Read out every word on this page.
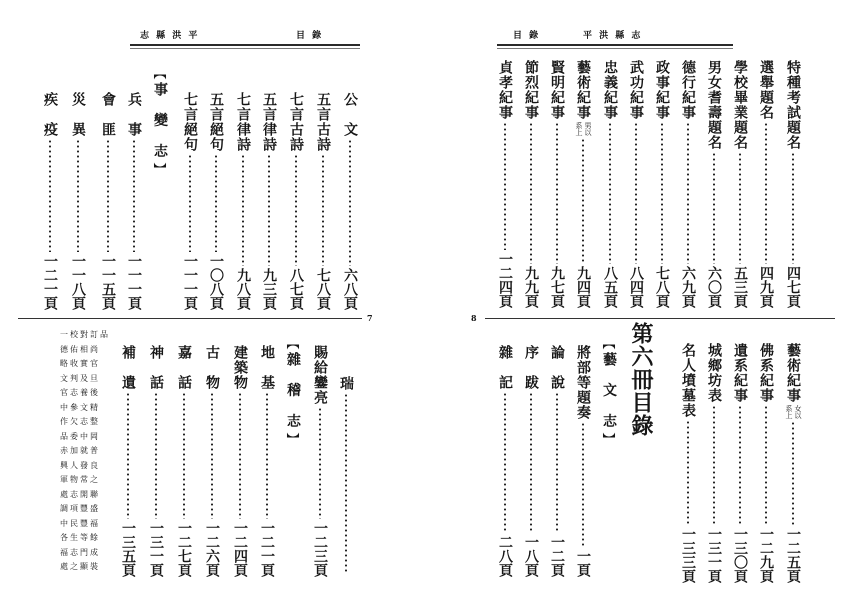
志 縣 洪 平	目 錄
公　文
六八頁
五言古詩
七八頁
七言古詩
八七頁
五言律詩
九三頁
七言律詩
九八頁
五言絕句
一〇八頁
七言絕句
一一一頁
︻
事 變 志
︼
兵　事
一一一頁
會　匪
一一五頁
災　異
一一八頁
疾　疫
一二一頁
7
瑞
賜給鑾亮
一二三頁
︻
雜 稽 志
︼
地　基
一二一頁
建築物
一二四頁
古　物
一二六頁
嘉　話
一二七頁
神　話
一三一頁
補　遺
一三五頁
一校對訂品
德佑相尚
略收實官
文判及旦
官志養後
中參文精
作欠志整
品委中岡
赤加就普
興人發良
軍物常之
處志開聯
調項豐盛
中民豐福
各生等餘
福志門成
處之顯裝
目 錄	平 洪 縣 志
特種考試題名
四七頁
選舉題名
四九頁
學校畢業題名
五三頁
男女耆壽題名
六〇頁
德行紀事
六九頁
政事紀事
七八頁
武功紀事
八四頁
忠義紀事
八五頁
藝術紀事
男以
系上
九四頁
賢明紀事
九七頁
節烈紀事
九九頁
貞孝紀事
一二四頁
8
藝術紀事
女以
系上
一二五頁
佛系紀事
一二九頁
遺系紀事
一三〇頁
城鄉坊表
一三一頁
名人墳墓表
一三三頁
第六冊目錄
︻
藝 文 志
︼
將部等題奏
一頁
論　說
一二頁
序　跋
一八頁
雜　記
二八頁
